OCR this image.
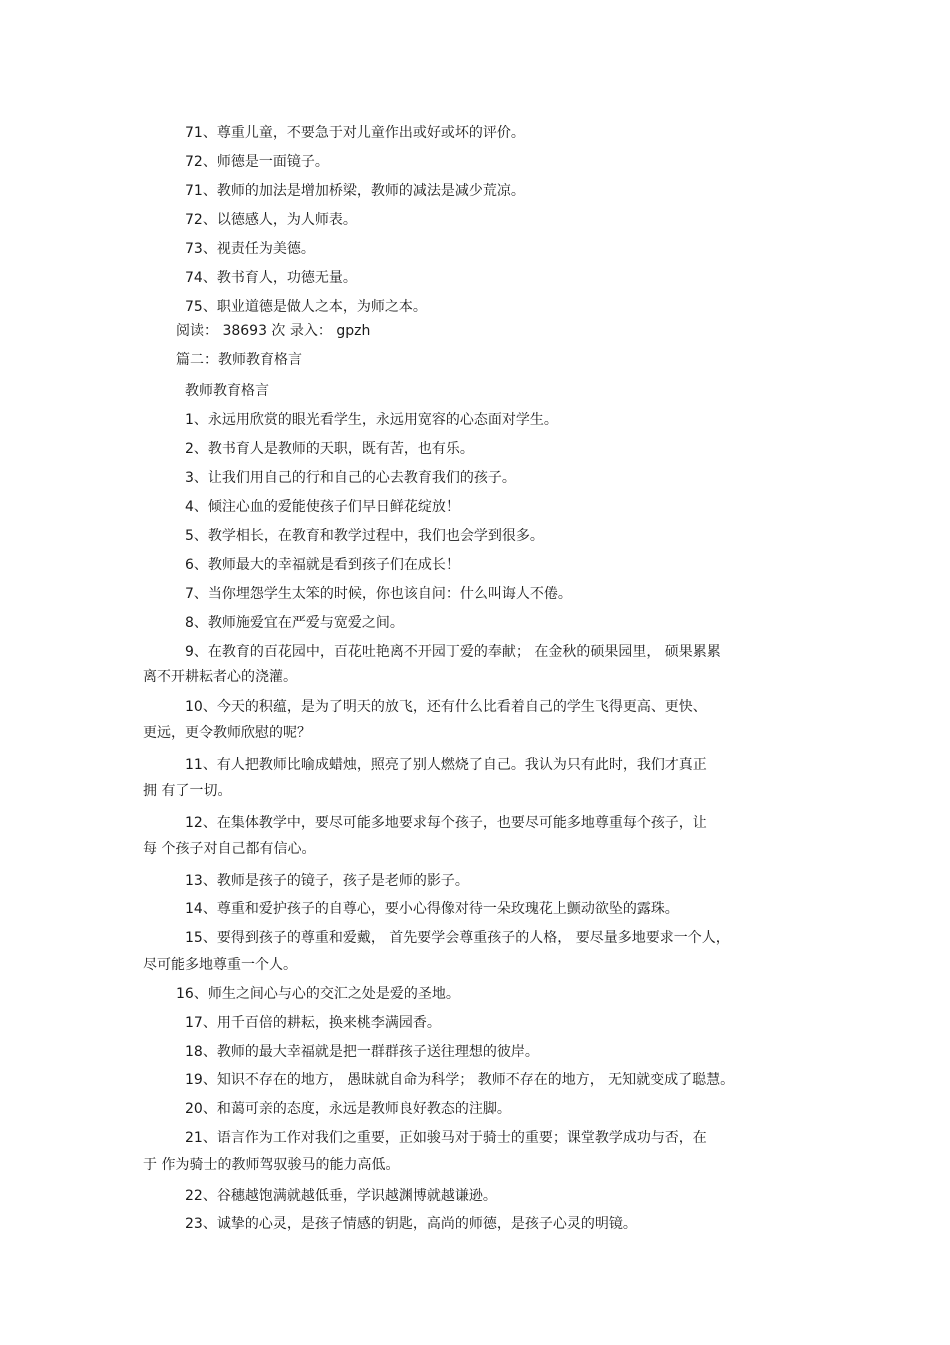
71、尊重儿童，不要急于对儿童作出或好或坏的评价。
72、师德是一面镜子。
71、教师的加法是增加桥梁，教师的减法是减少荒凉。
72、以德感人，为人师表。
73、视责任为美德。
74、教书育人，功德无量。
75、职业道德是做人之本，为师之本。
阅读： 38693 次 录入： gpzh
篇二：教师教育格言
教师教育格言
1、永远用欣赏的眼光看学生，永远用宽容的心态面对学生。
2、教书育人是教师的天职，既有苦，也有乐。
3、让我们用自己的行和自己的心去教育我们的孩子。
4、倾注心血的爱能使孩子们早日鲜花绽放！
5、教学相长，在教育和教学过程中，我们也会学到很多。
6、教师最大的幸福就是看到孩子们在成长！
7、当你埋怨学生太笨的时候，你也该自问：什么叫诲人不倦。
8、教师施爱宜在严爱与宽爱之间。
9、在教育的百花园中，百花吐艳离不开园丁爱的奉献； 在金秋的硕果园里， 硕果累累
离不开耕耘者心的浇灌。
10、今天的积蕴，是为了明天的放飞，还有什么比看着自己的学生飞得更高、更快、
更远，更令教师欣慰的呢？
11、有人把教师比喻成蜡烛，照亮了别人燃烧了自己。我认为只有此时，我们才真正
拥 有了一切。
12、在集体教学中，要尽可能多地要求每个孩子，也要尽可能多地尊重每个孩子，让
每 个孩子对自己都有信心。
13、教师是孩子的镜子，孩子是老师的影子。
14、尊重和爱护孩子的自尊心，要小心得像对待一朵玫瑰花上颤动欲坠的露珠。
15、要得到孩子的尊重和爱戴， 首先要学会尊重孩子的人格， 要尽量多地要求一个人，
尽可能多地尊重一个人。
16、师生之间心与心的交汇之处是爱的圣地。
17、用千百倍的耕耘，换来桃李满园香。
18、教师的最大幸福就是把一群群孩子送往理想的彼岸。
19、知识不存在的地方， 愚昧就自命为科学； 教师不存在的地方， 无知就变成了聪慧。
20、和蔼可亲的态度，永远是教师良好教态的注脚。
21、语言作为工作对我们之重要，正如骏马对于骑士的重要；课堂教学成功与否，在
于 作为骑士的教师驾驭骏马的能力高低。
22、谷穗越饱满就越低垂，学识越渊博就越谦逊。
23、诚挚的心灵，是孩子情感的钥匙，高尚的师德，是孩子心灵的明镜。
